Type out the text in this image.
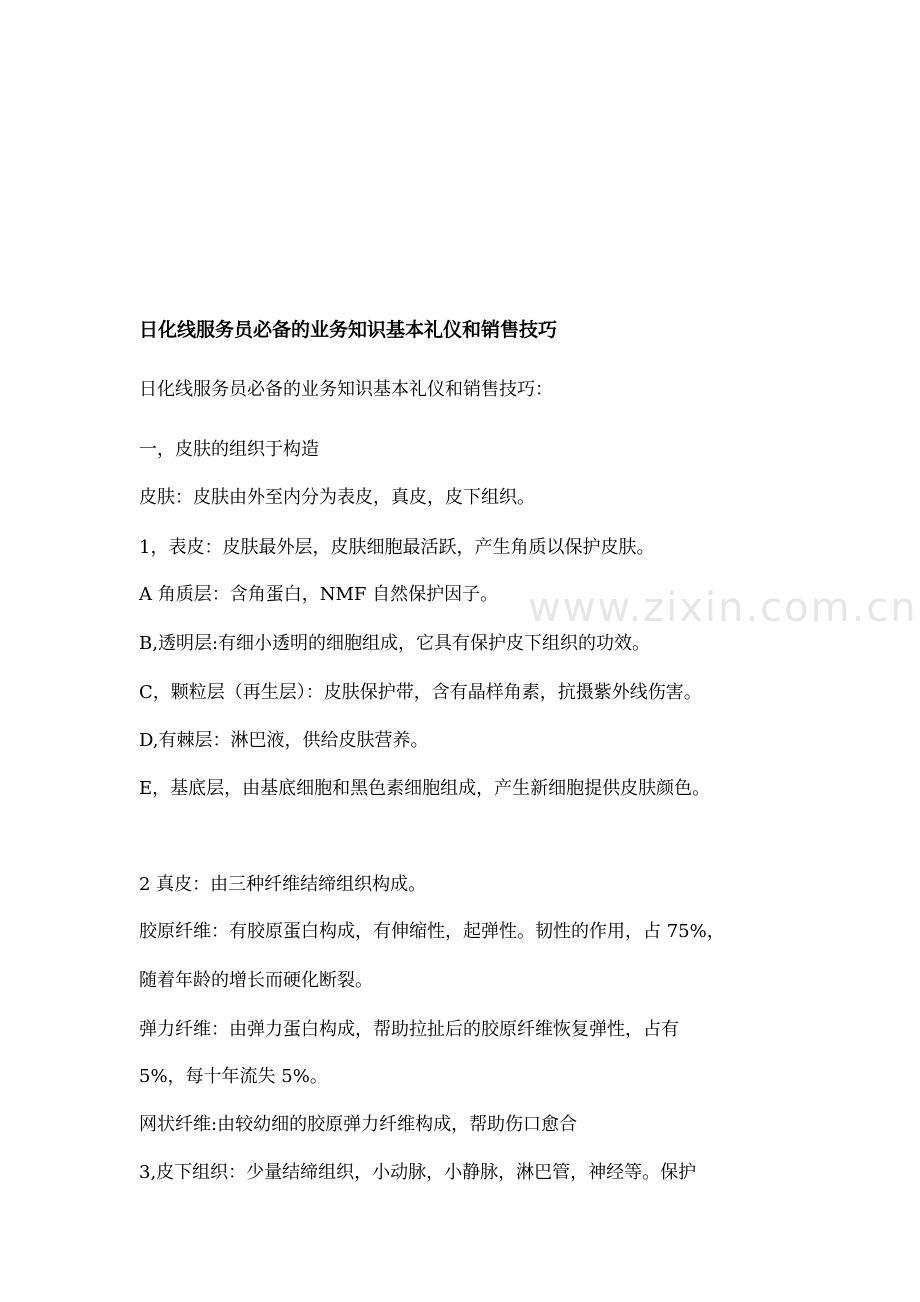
www.zixin.com.cn

日化线服务员必备的业务知识基本礼仪和销售技巧

日化线服务员必备的业务知识基本礼仪和销售技巧：

一，皮肤的组织于构造

皮肤：皮肤由外至内分为表皮，真皮，皮下组织。

1，表皮：皮肤最外层，皮肤细胞最活跃，产生角质以保护皮肤。

A 角质层：含角蛋白，NMF 自然保护因子。

B,透明层:有细小透明的细胞组成，它具有保护皮下组织的功效。

C，颗粒层（再生层）：皮肤保护带，含有晶样角素，抗摄紫外线伤害。

D,有棘层：淋巴液，供给皮肤营养。

E，基底层，由基底细胞和黑色素细胞组成，产生新细胞提供皮肤颜色。

2 真皮：由三种纤维结缔组织构成。

胶原纤维：有胶原蛋白构成，有伸缩性，起弹性。韧性的作用，占 75%，

随着年龄的增长而硬化断裂。

弹力纤维：由弹力蛋白构成，帮助拉扯后的胶原纤维恢复弹性，占有

5%，每十年流失 5%。

网状纤维:由较幼细的胶原弹力纤维构成，帮助伤口愈合

3,皮下组织：少量结缔组织，小动脉，小静脉，淋巴管，神经等。保护
